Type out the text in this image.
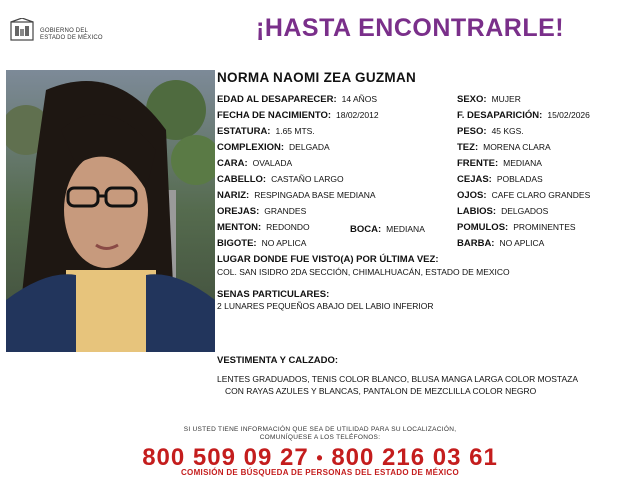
GOBIERNO DEL
ESTADO DE MÉXICO	¡HASTA ENCONTRARLE!
NORMA NAOMI ZEA GUZMAN
EDAD AL DESAPARECER: 14 AÑOS
FECHA DE NACIMIENTO: 18/02/2012
ESTATURA: 1.65 MTS.
COMPLEXION: DELGADA
CARA: OVALADA
CABELLO: CASTAÑO LARGO
NARIZ: RESPINGADA BASE MEDIANA
OREJAS: GRANDES
MENTON: REDONDO	BOCA: MEDIANA
BIGOTE: NO APLICA
SEXO: MUJER
F. DESAPARICIÓN: 15/02/2026
PESO: 45 KGS.
TEZ: MORENA CLARA
FRENTE: MEDIANA
CEJAS: POBLADAS
OJOS: CAFE CLARO GRANDES
LABIOS: DELGADOS
POMULOS: PROMINENTES
BARBA: NO APLICA
LUGAR DONDE FUE VISTO(A) POR ÚLTIMA VEZ:
COL. SAN ISIDRO 2DA SECCIÓN, CHIMALHUACÁN, ESTADO DE MEXICO
SENAS PARTICULARES:
2 LUNARES PEQUEÑOS ABAJO DEL LABIO INFERIOR
VESTIMENTA Y CALZADO:
LENTES GRADUADOS, TENIS COLOR BLANCO, BLUSA MANGA LARGA COLOR MOSTAZA
CON RAYAS AZULES Y BLANCAS, PANTALON DE MEZCLILLA COLOR NEGRO
SI USTED TIENE INFORMACIÓN QUE SEA DE UTILIDAD PARA SU LOCALIZACIÓN,
COMUNÍQUESE A LOS TELÉFONOS:
800 509 09 27 • 800 216 03 61
COMISIÓN DE BÚSQUEDA DE PERSONAS DEL ESTADO DE MÉXICO
